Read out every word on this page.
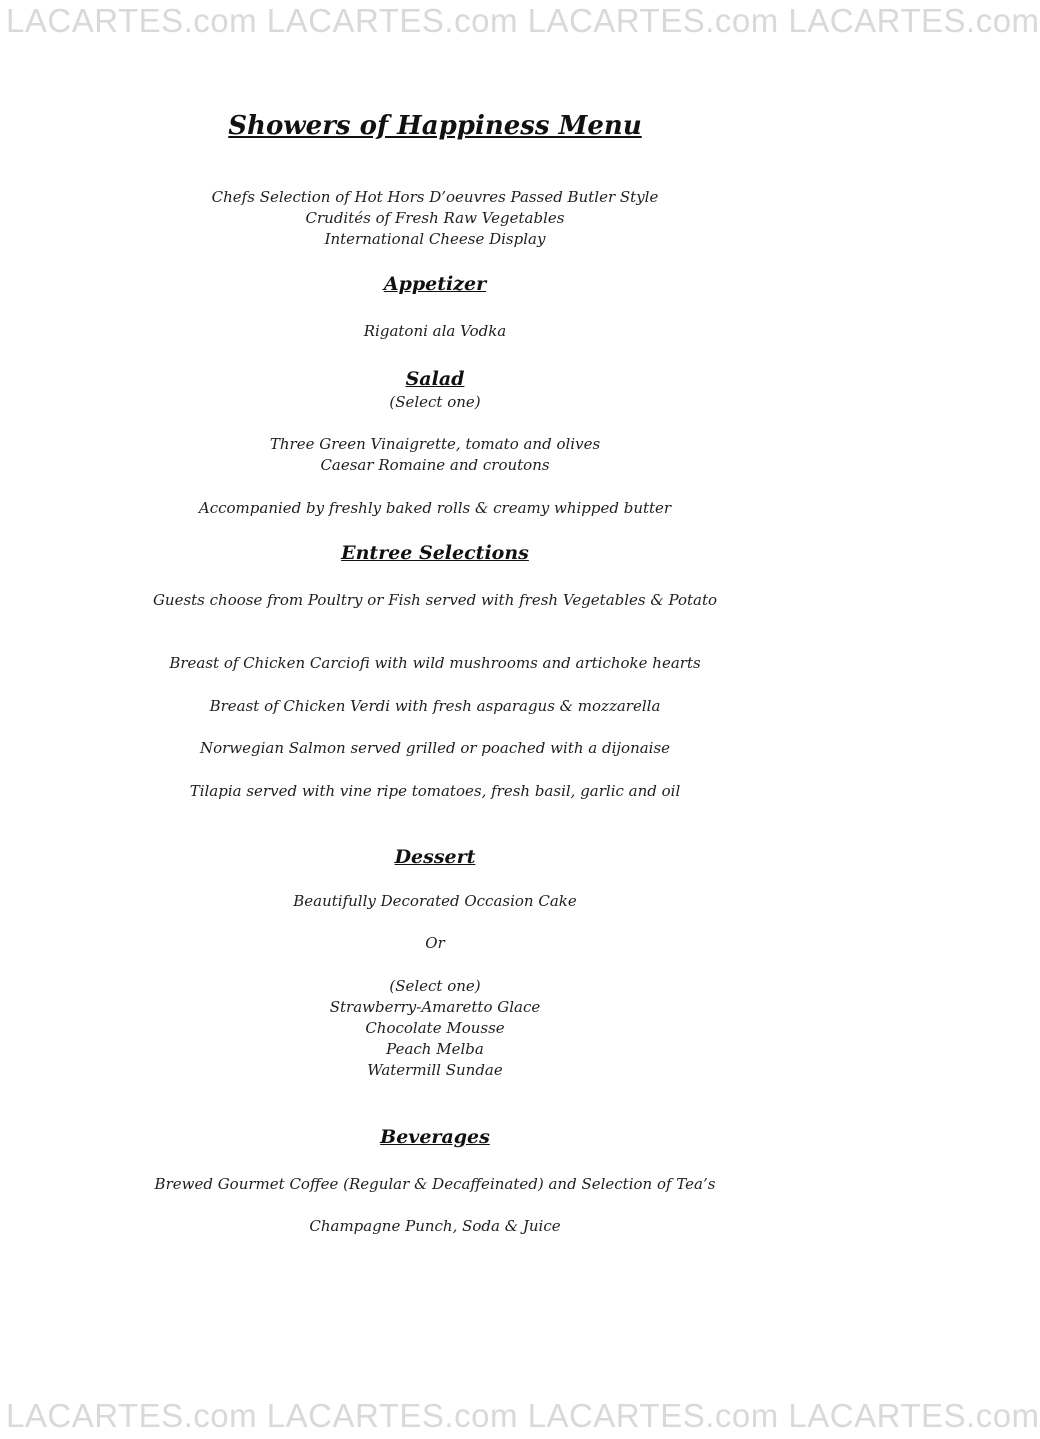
LACARTES.com LACARTES.com LACARTES.com LACARTES.com
Showers of Happiness Menu
Chefs Selection of Hot Hors D’oeuvres Passed Butler Style
Crudités of Fresh Raw Vegetables
International Cheese Display
Appetizer
Rigatoni ala Vodka
Salad
(Select one)
Three Green Vinaigrette, tomato and olives
Caesar Romaine and croutons
Accompanied by freshly baked rolls & creamy whipped butter
Entree Selections
Guests choose from Poultry or Fish served with fresh Vegetables & Potato
Breast of Chicken Carciofi with wild mushrooms and artichoke hearts
Breast of Chicken Verdi with fresh asparagus & mozzarella
Norwegian Salmon served grilled or poached with a dijonaise
Tilapia served with vine ripe tomatoes, fresh basil, garlic and oil
Dessert
Beautifully Decorated Occasion Cake
Or
(Select one)
Strawberry-Amaretto Glace
Chocolate Mousse
Peach Melba
Watermill Sundae
Beverages
Brewed Gourmet Coffee (Regular & Decaffeinated) and Selection of Tea’s
Champagne Punch, Soda & Juice
LACARTES.com LACARTES.com LACARTES.com LACARTES.com
